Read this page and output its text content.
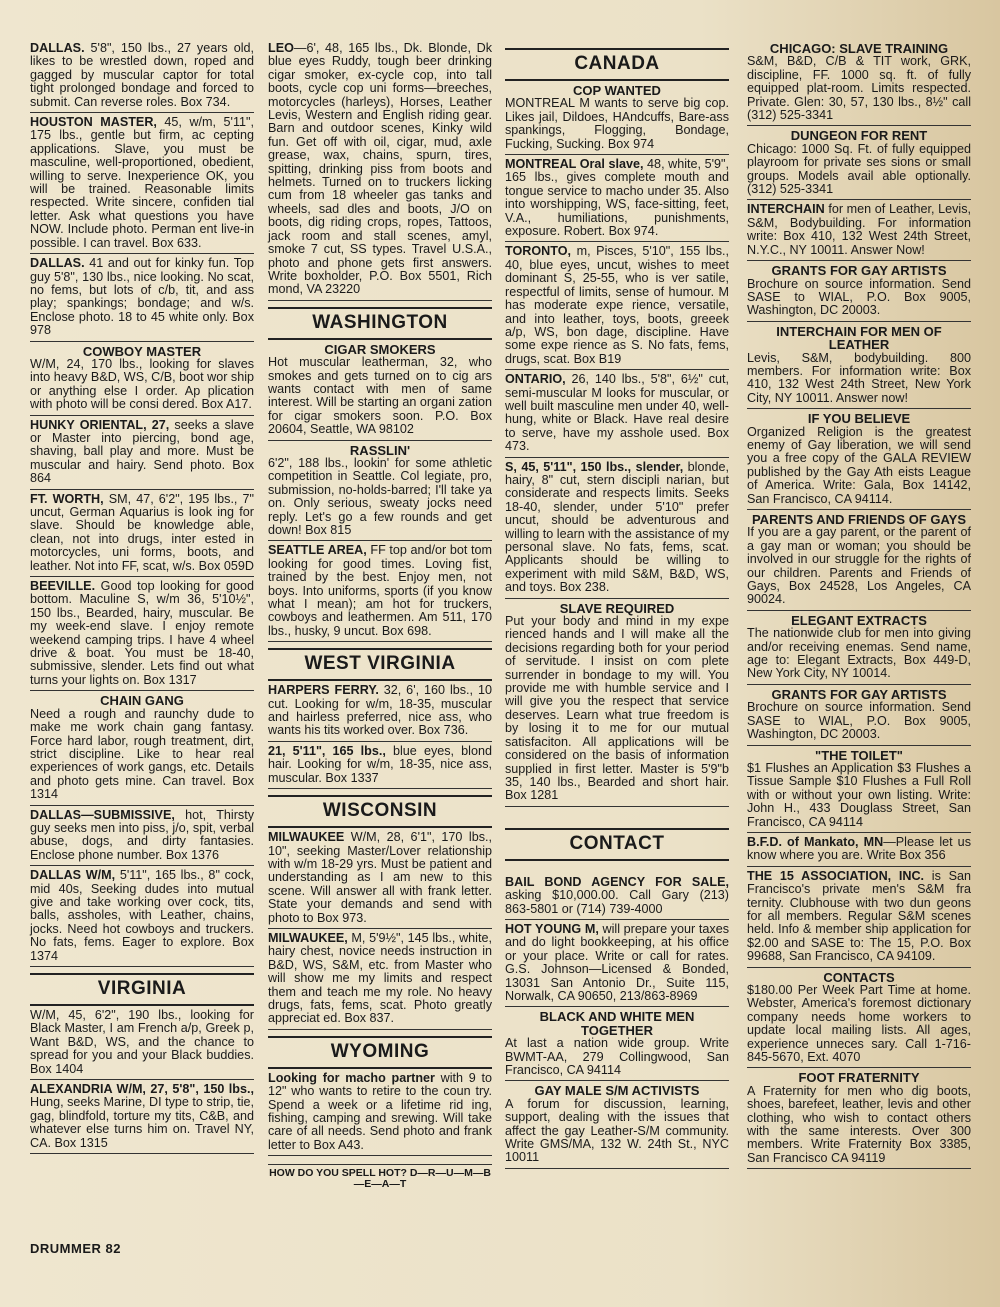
DALLAS. 5'8", 150 lbs., 27 years old, likes to be wrestled down, roped and gagged by muscular captor for total tight prolonged bondage and forced to submit. Can reverse roles. Box 734.
HOUSTON MASTER, 45, w/m, 5'11", 175 lbs., gentle but firm, ac cepting applications. Slave, you must be masculine, well-proportioned, obedient, willing to serve. Inexperience OK, you will be trained. Reasonable limits respected. Write sincere, confiden tial letter. Ask what questions you have NOW. Include photo. Perman ent live-in possible. I can travel. Box 633.
DALLAS. 41 and out for kinky fun. Top guy 5'8", 130 lbs., nice looking. No scat, no fems, but lots of c/b, tit, and ass play; spankings; bondage; and w/s. Enclose photo. 18 to 45 white only. Box 978
COWBOY MASTER
W/M, 24, 170 lbs., looking for slaves into heavy B&D, WS, C/B, boot wor ship or anything else I order. Ap plication with photo will be consi dered. Box A17.
HUNKY ORIENTAL, 27, seeks a slave or Master into piercing, bond age, shaving, ball play and more. Must be muscular and hairy. Send photo. Box 864
FT. WORTH, SM, 47, 6'2", 195 lbs., 7" uncut, German Aquarius is look ing for slave. Should be knowledge able, clean, not into drugs, inter ested in motorcycles, uni forms, boots, and leather. Not into FF, scat, w/s. Box 059D
BEEVILLE. Good top looking for good bottom. Maculine S, w/m 36, 5'10½", 150 lbs., Bearded, hairy, muscular. Be my week-end slave. I enjoy remote weekend camping trips. I have 4 wheel drive & boat. You must be 18-40, submissive, slender. Lets find out what turns your lights on. Box 1317
CHAIN GANG
Need a rough and raunchy dude to make me work chain gang fantasy. Force hard labor, rough treatment, dirt, strict discipline. Like to hear real experiences of work gangs, etc. Details and photo gets mine. Can travel. Box 1314
DALLAS—SUBMISSIVE, hot, Thirsty guy seeks men into piss, j/o, spit, verbal abuse, dogs, and dirty fantasies. Enclose phone number. Box 1376
DALLAS W/M, 5'11", 165 lbs., 8" cock, mid 40s, Seeking dudes into mutual give and take working over cock, tits, balls, assholes, with Leather, chains, jocks. Need hot cowboys and truckers. No fats, fems. Eager to explore. Box 1374
VIRGINIA
W/M, 45, 6'2", 190 lbs., looking for Black Master, I am French a/p, Greek p, Want B&D, WS, and the chance to spread for you and your Black buddies. Box 1404
ALEXANDRIA W/M, 27, 5'8", 150 lbs., Hung, seeks Marine, DI type to strip, tie, gag, blindfold, torture my tits, C&B, and whatever else turns him on. Travel NY, CA. Box 1315
LEO—6', 48, 165 lbs., Dk. Blonde, Dk blue eyes Ruddy, tough beer drinking cigar smoker, ex-cycle cop, into tall boots, cycle cop uni forms—breeches, motorcycles (harleys), Horses, Leather Levis, Western and English riding gear. Barn and outdoor scenes, Kinky wild fun. Get off with oil, cigar, mud, axle grease, wax, chains, spurn, tires, spitting, drinking piss from boots and helmets. Turned on to truckers licking cum from 18 wheeler gas tanks and wheels, sad dles and boots, J/O on boots, dig riding crops, ropes, Tattoos, jack room and stall scenes, amyl, smoke 7 cut, SS types. Travel U.S.A., photo and phone gets first answers. Write boxholder, P.O. Box 5501, Rich mond, VA 23220
WASHINGTON
CIGAR SMOKERS
Hot muscular leatherman, 32, who smokes and gets turned on to cig ars wants contact with men of same interest. Will be starting an organi zation for cigar smokers soon. P.O. Box 20604, Seattle, WA 98102
RASSLIN'
6'2", 188 lbs., lookin' for some athletic competition in Seattle. Col legiate, pro, submission, no-holds-barred; I'll take ya on. Only serious, sweaty jocks need reply. Let's go a few rounds and get down! Box 815
SEATTLE AREA, FF top and/or bot tom looking for good times. Loving fist, trained by the best. Enjoy men, not boys. Into uniforms, sports (if you know what I mean); am hot for truckers, cowboys and leathermen. Am 511, 170 lbs., husky, 9 uncut. Box 698.
WEST VIRGINIA
HARPERS FERRY. 32, 6', 160 lbs., 10 cut. Looking for w/m, 18-35, muscular and hairless preferred, nice ass, who wants his tits worked over. Box 736.
21, 5'11", 165 lbs., blue eyes, blond hair. Looking for w/m, 18-35, nice ass, muscular. Box 1337
WISCONSIN
MILWAUKEE W/M, 28, 6'1", 170 lbs., 10", seeking Master/Lover relationship with w/m 18-29 yrs. Must be patient and understanding as I am new to this scene. Will answer all with frank letter. State your demands and send with photo to Box 973.
MILWAUKEE, M, 5'9½", 145 lbs., white, hairy chest, novice needs instruction in B&D, WS, S&M, etc. from Master who will show me my limits and respect them and teach me my role. No heavy drugs, fats, fems, scat. Photo greatly appreciat ed. Box 837.
WYOMING
Looking for macho partner with 9 to 12" who wants to retire to the coun try. Spend a week or a lifetime rid ing, fishing, camping and srewing. Will take care of all needs. Send photo and frank letter to Box A43.
HOW DO YOU SPELL HOT? D—R—U—M—B—E—A—T
CANADA
COP WANTED
MONTREAL M wants to serve big cop. Likes jail, Dildoes, HAndcuffs, Bare-ass spankings, Flogging, Bondage, Fucking, Sucking. Box 974
MONTREAL Oral slave, 48, white, 5'9", 165 lbs., gives complete mouth and tongue service to macho under 35. Also into worshipping, WS, face-sitting, feet, V.A., humiliations, punishments, exposure. Robert. Box 974.
TORONTO, m, Pisces, 5'10", 155 lbs., 40, blue eyes, uncut, wishes to meet dominant S, 25-55, who is ver satile, respectful of limits, sense of humour. M has moderate expe rience, versatile, and into leather, toys, boots, greeek a/p, WS, bon dage, discipline. Have some expe rience as S. No fats, fems, drugs, scat. Box B19
ONTARIO, 26, 140 lbs., 5'8", 6½" cut, semi-muscular M looks for muscular, or well built masculine men under 40, well-hung, white or Black. Have real desire to serve, have my asshole used. Box 473.
S, 45, 5'11", 150 lbs., slender, blonde, hairy, 8" cut, stern discipli narian, but considerate and respects limits. Seeks 18-40, slender, under 5'10" prefer uncut, should be adventurous and willing to learn with the assistance of my personal slave. No fats, fems, scat. Applicants should be willing to experiment with mild S&M, B&D, WS, and toys. Box 238.
SLAVE REQUIRED
Put your body and mind in my expe rienced hands and I will make all the decisions regarding both for your period of servitude. I insist on com plete surrender in bondage to my will. You provide me with humble service and I will give you the respect that service deserves. Learn what true freedom is by losing it to me for our mutual satisfaciton. All applications will be considered on the basis of information supplied in first letter. Master is 5'9"b 35, 140 lbs., Bearded and short hair. Box 1281
CONTACT
BAIL BOND AGENCY FOR SALE, asking $10,000.00. Call Gary (213) 863-5801 or (714) 739-4000
HOT YOUNG M, will prepare your taxes and do light bookkeeping, at his office or your place. Write or call for rates. G.S. Johnson—Licensed & Bonded, 13031 San Antonio Dr., Suite 115, Norwalk, CA 90650, 213/863-8969
BLACK AND WHITE MEN TOGETHER
At last a nation wide group. Write BWMT-AA, 279 Collingwood, San Francisco, CA 94114
GAY MALE S/M ACTIVISTS
A forum for discussion, learning, support, dealing with the issues that affect the gay Leather-S/M community. Write GMS/MA, 132 W. 24th St., NYC 10011
CHICAGO: SLAVE TRAINING
S&M, B&D, C/B & TIT work, GRK, discipline, FF. 1000 sq. ft. of fully equipped plat-room. Limits respected. Private. Glen: 30, 57, 130 lbs., 8½" call (312) 525-3341
DUNGEON FOR RENT
Chicago: 1000 Sq. Ft. of fully equipped playroom for private ses sions or small groups. Models avail able optionally. (312) 525-3341
INTERCHAIN for men of Leather, Levis, S&M, Bodybuilding. For information write: Box 410, 132 West 24th Street, N.Y.C., NY 10011. Answer Now!
GRANTS FOR GAY ARTISTS
Brochure on source information. Send SASE to WIAL, P.O. Box 9005, Washington, DC 20003.
INTERCHAIN FOR MEN OF LEATHER
Levis, S&M, bodybuilding. 800 members. For information write: Box 410, 132 West 24th Street, New York City, NY 10011. Answer now!
IF YOU BELIEVE
Organized Religion is the greatest enemy of Gay liberation, we will send you a free copy of the GALA REVIEW published by the Gay Ath eists League of America. Write: Gala, Box 14142, San Francisco, CA 94114.
PARENTS AND FRIENDS OF GAYS
If you are a gay parent, or the parent of a gay man or woman; you should be involved in our struggle for the rights of our children. Parents and Friends of Gays, Box 24528, Los Angeles, CA 90024.
ELEGANT EXTRACTS
The nationwide club for men into giving and/or receiving enemas. Send name, age to: Elegant Extracts, Box 449-D, New York City, NY 10014.
GRANTS FOR GAY ARTISTS
Brochure on source information. Send SASE to WIAL, P.O. Box 9005, Washington, DC 20003.
"THE TOILET"
$1 Flushes an Application $3 Flushes a Tissue Sample $10 Flushes a Full Roll with or without your own listing. Write: John H., 433 Douglass Street, San Francisco, CA 94114
B.F.D. of Mankato, MN—Please let us know where you are. Write Box 356
THE 15 ASSOCIATION, INC. is San Francisco's private men's S&M fra ternity. Clubhouse with two dun geons for all members. Regular S&M scenes held. Info & member ship application for $2.00 and SASE to: The 15, P.O. Box 99688, San Francisco, CA 94109.
CONTACTS
$180.00 Per Week Part Time at home. Webster, America's foremost dictionary company needs home workers to update local mailing lists. All ages, experience unneces sary. Call 1-716-845-5670, Ext. 4070
FOOT FRATERNITY
A Fraternity for men who dig boots, shoes, barefeet, leather, levis and other clothing, who wish to contact others with the same interests. Over 300 members. Write Fraternity Box 3385, San Francisco CA 94119
DRUMMER 82
